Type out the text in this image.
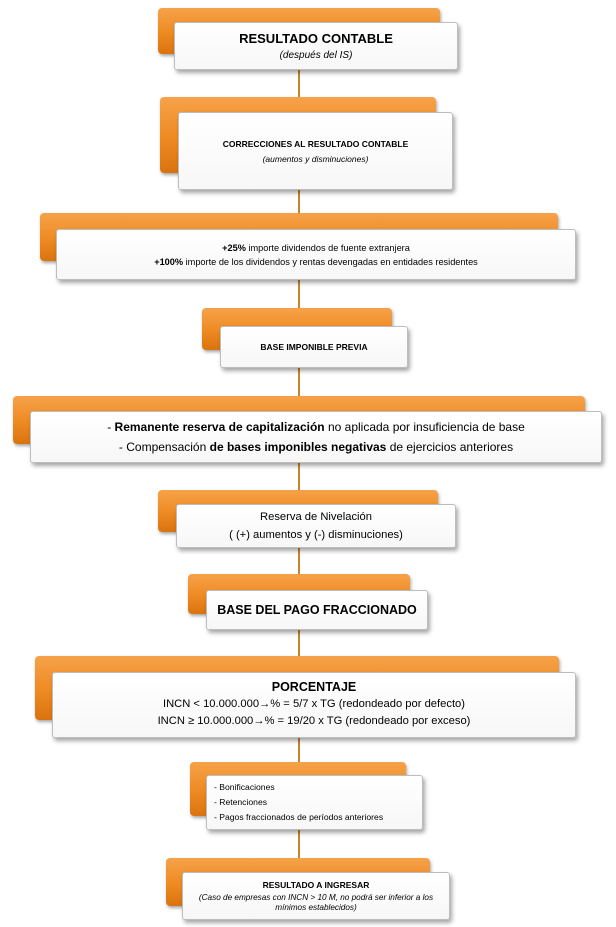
RESULTADO CONTABLE
(después del IS)
CORRECCIONES AL RESULTADO CONTABLE
(aumentos y disminuciones)
+25% importe dividendos de fuente extranjera
+100% importe de los dividendos y rentas devengadas en entidades residentes
BASE IMPONIBLE PREVIA
- Remanente reserva de capitalización no aplicada por insuficiencia de base
- Compensación de bases imponibles negativas de ejercicios anteriores
Reserva de Nivelación
( (+) aumentos y (-) disminuciones)
BASE DEL PAGO FRACCIONADO
PORCENTAJE
INCN < 10.000.000→% = 5/7 x TG (redondeado por defecto)
INCN ≥ 10.000.000→% = 19/20 x TG (redondeado por exceso)
- Bonificaciones
- Retenciones
- Pagos fraccionados de períodos anteriores
RESULTADO A INGRESAR
(Caso de empresas con INCN > 10 M, no podrá ser inferior a los mínimos establecidos)
